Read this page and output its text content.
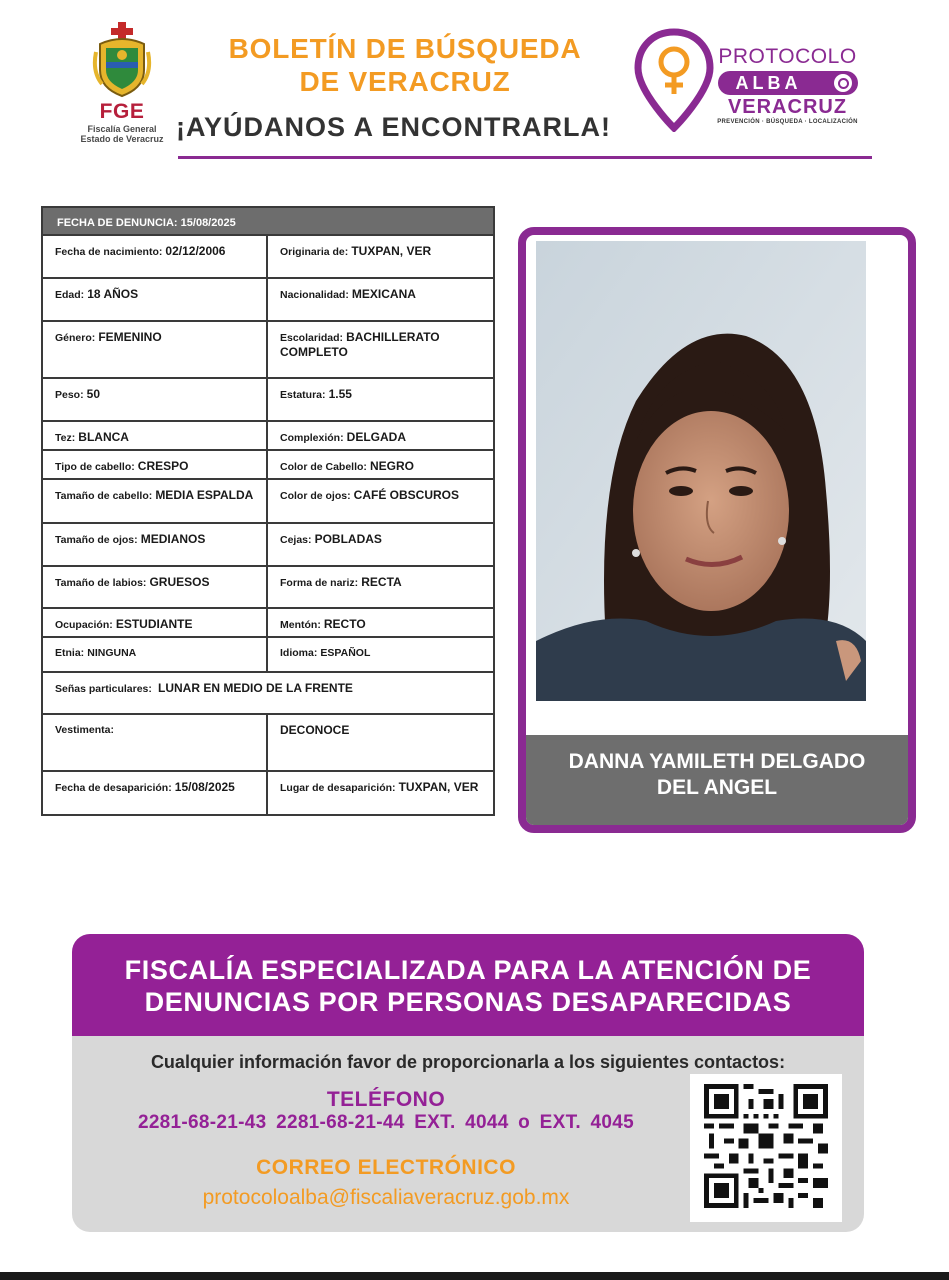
FGE
Fiscalía General
Estado de Veracruz
BOLETÍN DE BÚSQUEDA
DE VERACRUZ
¡AYÚDANOS A ENCONTRARLA!
PROTOCOLO
ALBA
VERACRUZ
PREVENCIÓN · BÚSQUEDA · LOCALIZACIÓN
FECHA DE DENUNCIA: 15/08/2025
Fecha de nacimiento: 02/12/2006	Originaria de: TUXPAN, VER
Edad: 18 AÑOS	Nacionalidad: MEXICANA
Género: FEMENINO	Escolaridad: BACHILLERATO COMPLETO
Peso: 50	Estatura: 1.55
Tez: BLANCA	Complexión: DELGADA
Tipo de cabello: CRESPO	Color de Cabello: NEGRO
Tamaño de cabello: MEDIA ESPALDA	Color de ojos: CAFÉ OBSCUROS
Tamaño de ojos: MEDIANOS	Cejas: POBLADAS
Tamaño de labios: GRUESOS	Forma de nariz: RECTA
Ocupación: ESTUDIANTE	Mentón: RECTO
Etnia: NINGUNA	Idioma: ESPAÑOL
Señas particulares: LUNAR EN MEDIO DE LA FRENTE
Vestimenta:	DECONOCE
Fecha de desaparición: 15/08/2025	Lugar de desaparición: TUXPAN, VER
DANNA YAMILETH DELGADO
DEL ANGEL
FISCALÍA ESPECIALIZADA PARA LA ATENCIÓN DE
DENUNCIAS POR PERSONAS DESAPARECIDAS
Cualquier información favor de proporcionarla a los siguientes contactos:
TELÉFONO
2281-68-21-43 2281-68-21-44 EXT. 4044 o EXT. 4045
CORREO ELECTRÓNICO
protocoloalba@fiscaliaveracruz.gob.mx
